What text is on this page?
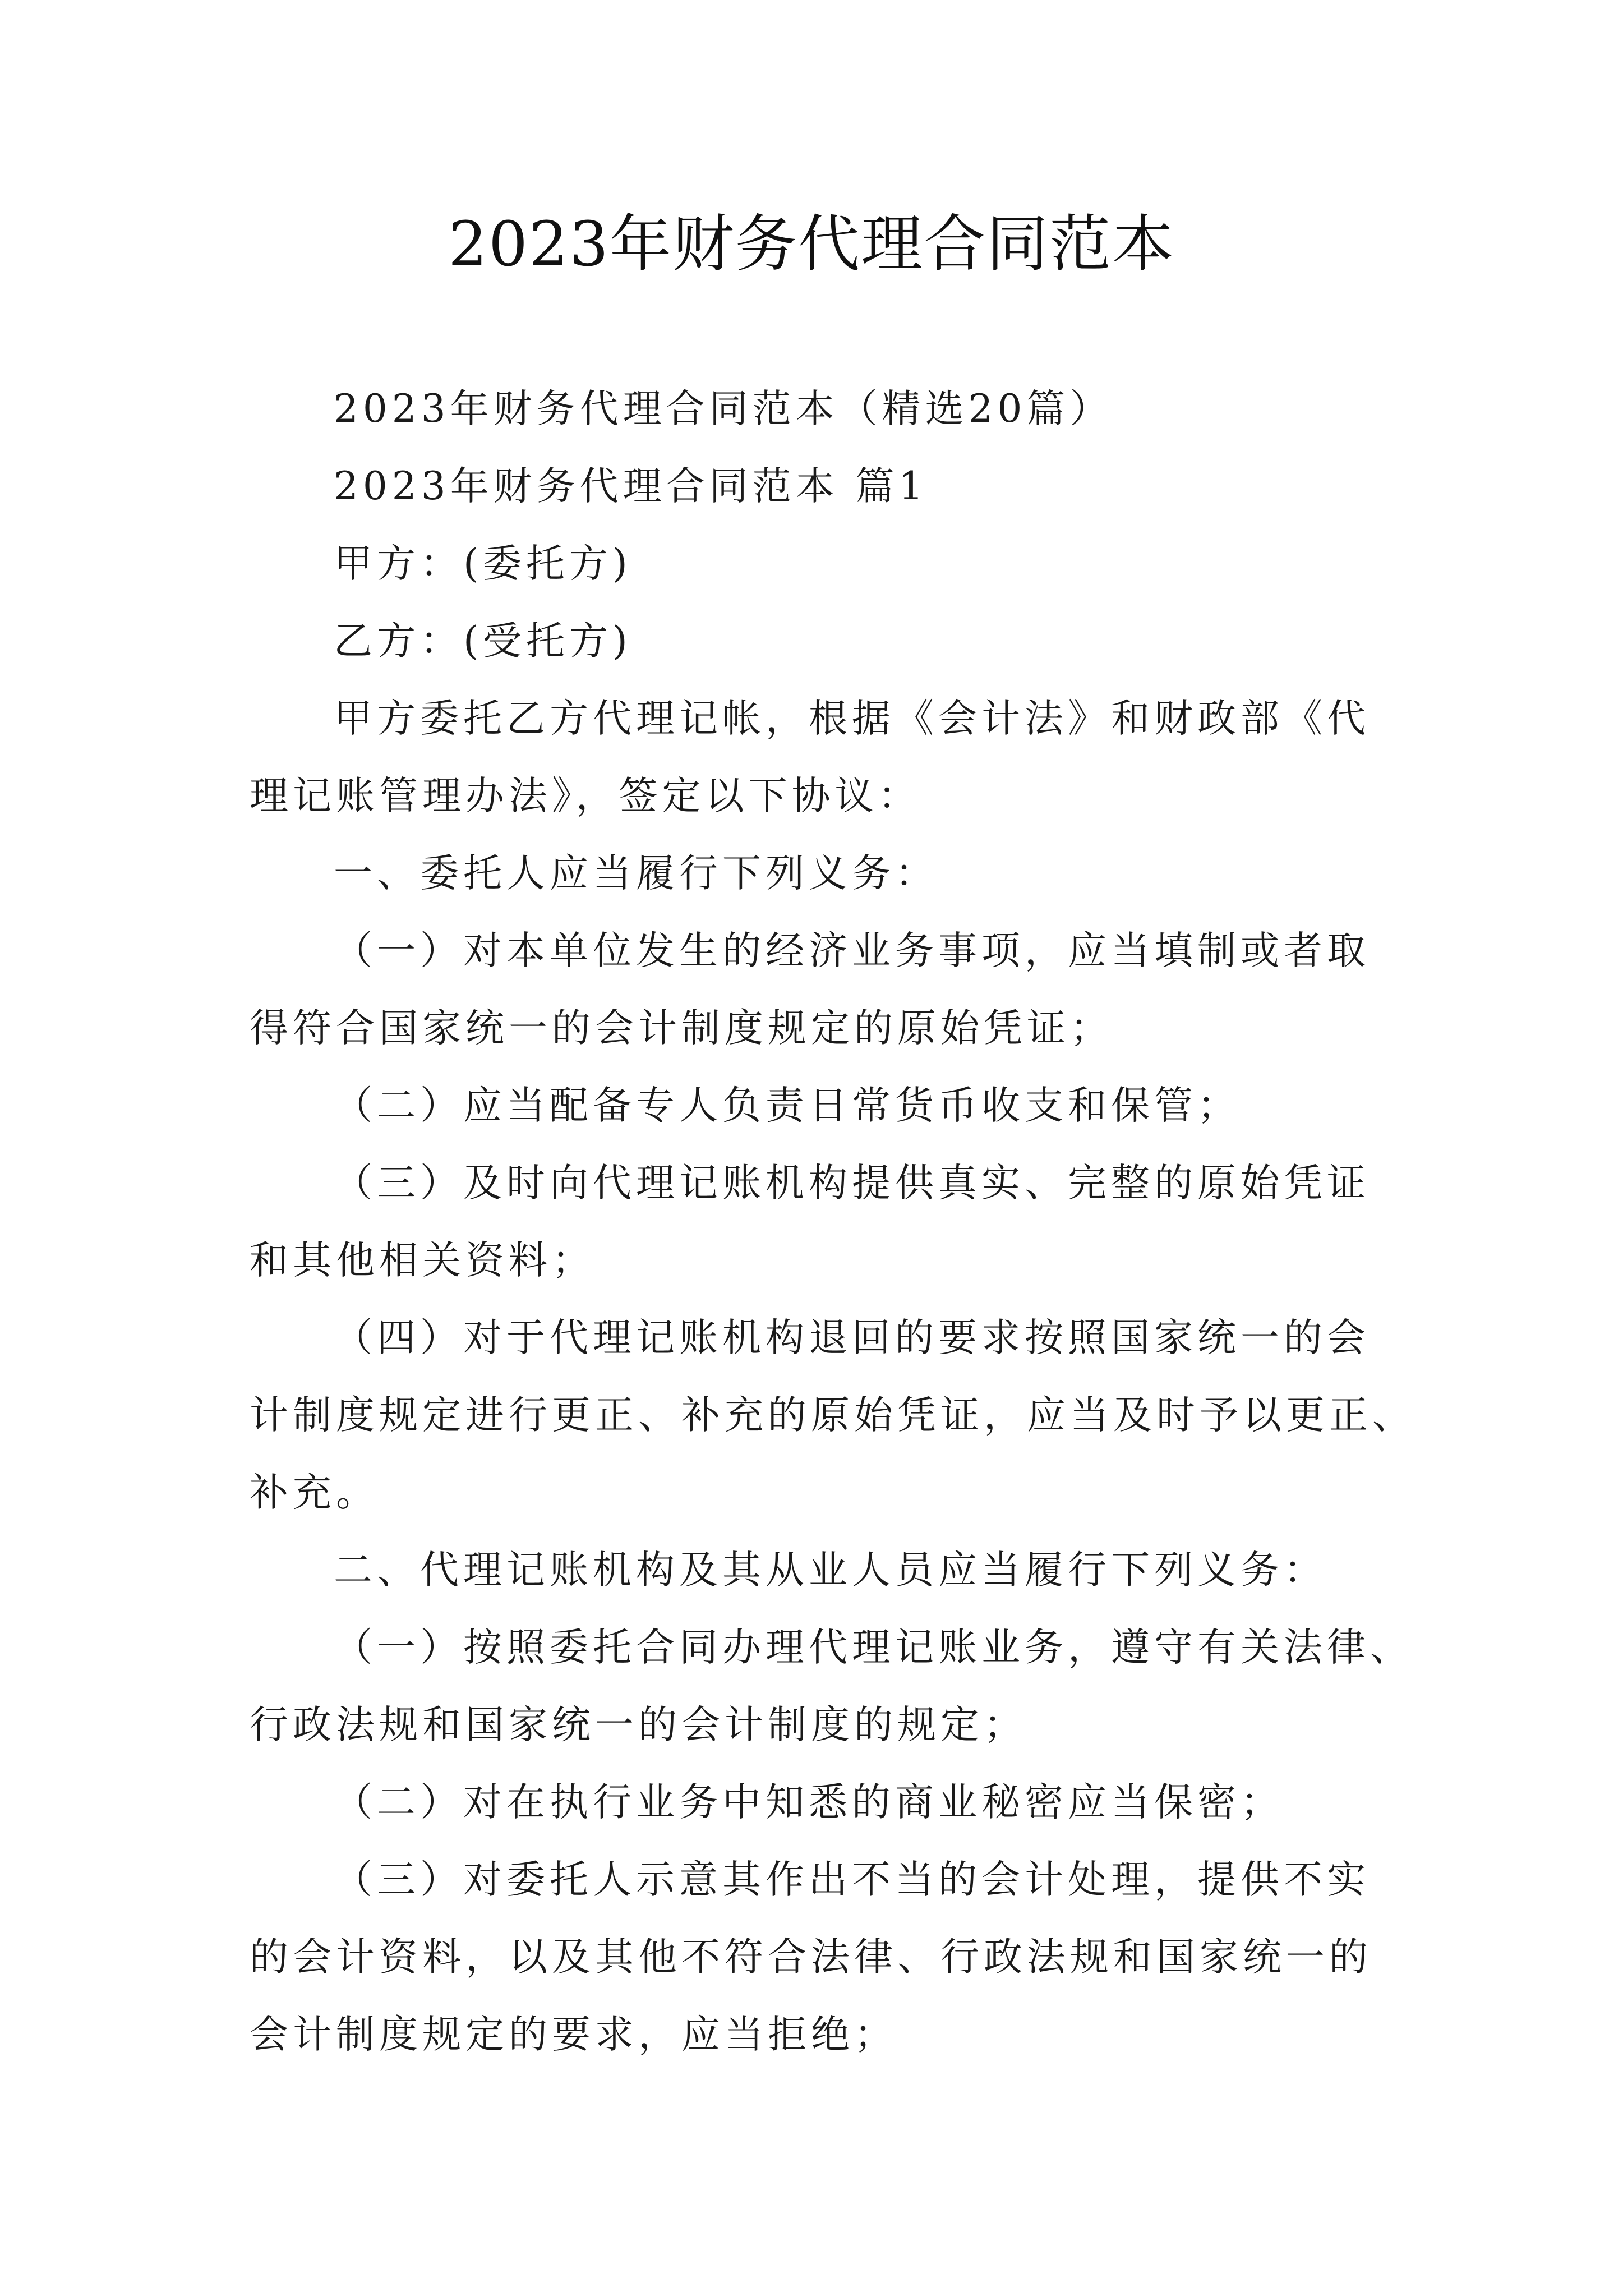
2023年财务代理合同范本
2023年财务代理合同范本（精选20篇）
2023年财务代理合同范本 篇1
甲方：(委托方)
乙方：(受托方)
甲方委托乙方代理记帐，根据《会计法》和财政部《代
理记账管理办法》，签定以下协议：
一、委托人应当履行下列义务：
（一）对本单位发生的经济业务事项，应当填制或者取
得符合国家统一的会计制度规定的原始凭证；
（二）应当配备专人负责日常货币收支和保管；
（三）及时向代理记账机构提供真实、完整的原始凭证
和其他相关资料；
（四）对于代理记账机构退回的要求按照国家统一的会
计制度规定进行更正、补充的原始凭证，应当及时予以更正、
补充。
二、代理记账机构及其从业人员应当履行下列义务：
（一）按照委托合同办理代理记账业务，遵守有关法律、
行政法规和国家统一的会计制度的规定；
（二）对在执行业务中知悉的商业秘密应当保密；
（三）对委托人示意其作出不当的会计处理，提供不实
的会计资料，以及其他不符合法律、行政法规和国家统一的
会计制度规定的要求，应当拒绝；
